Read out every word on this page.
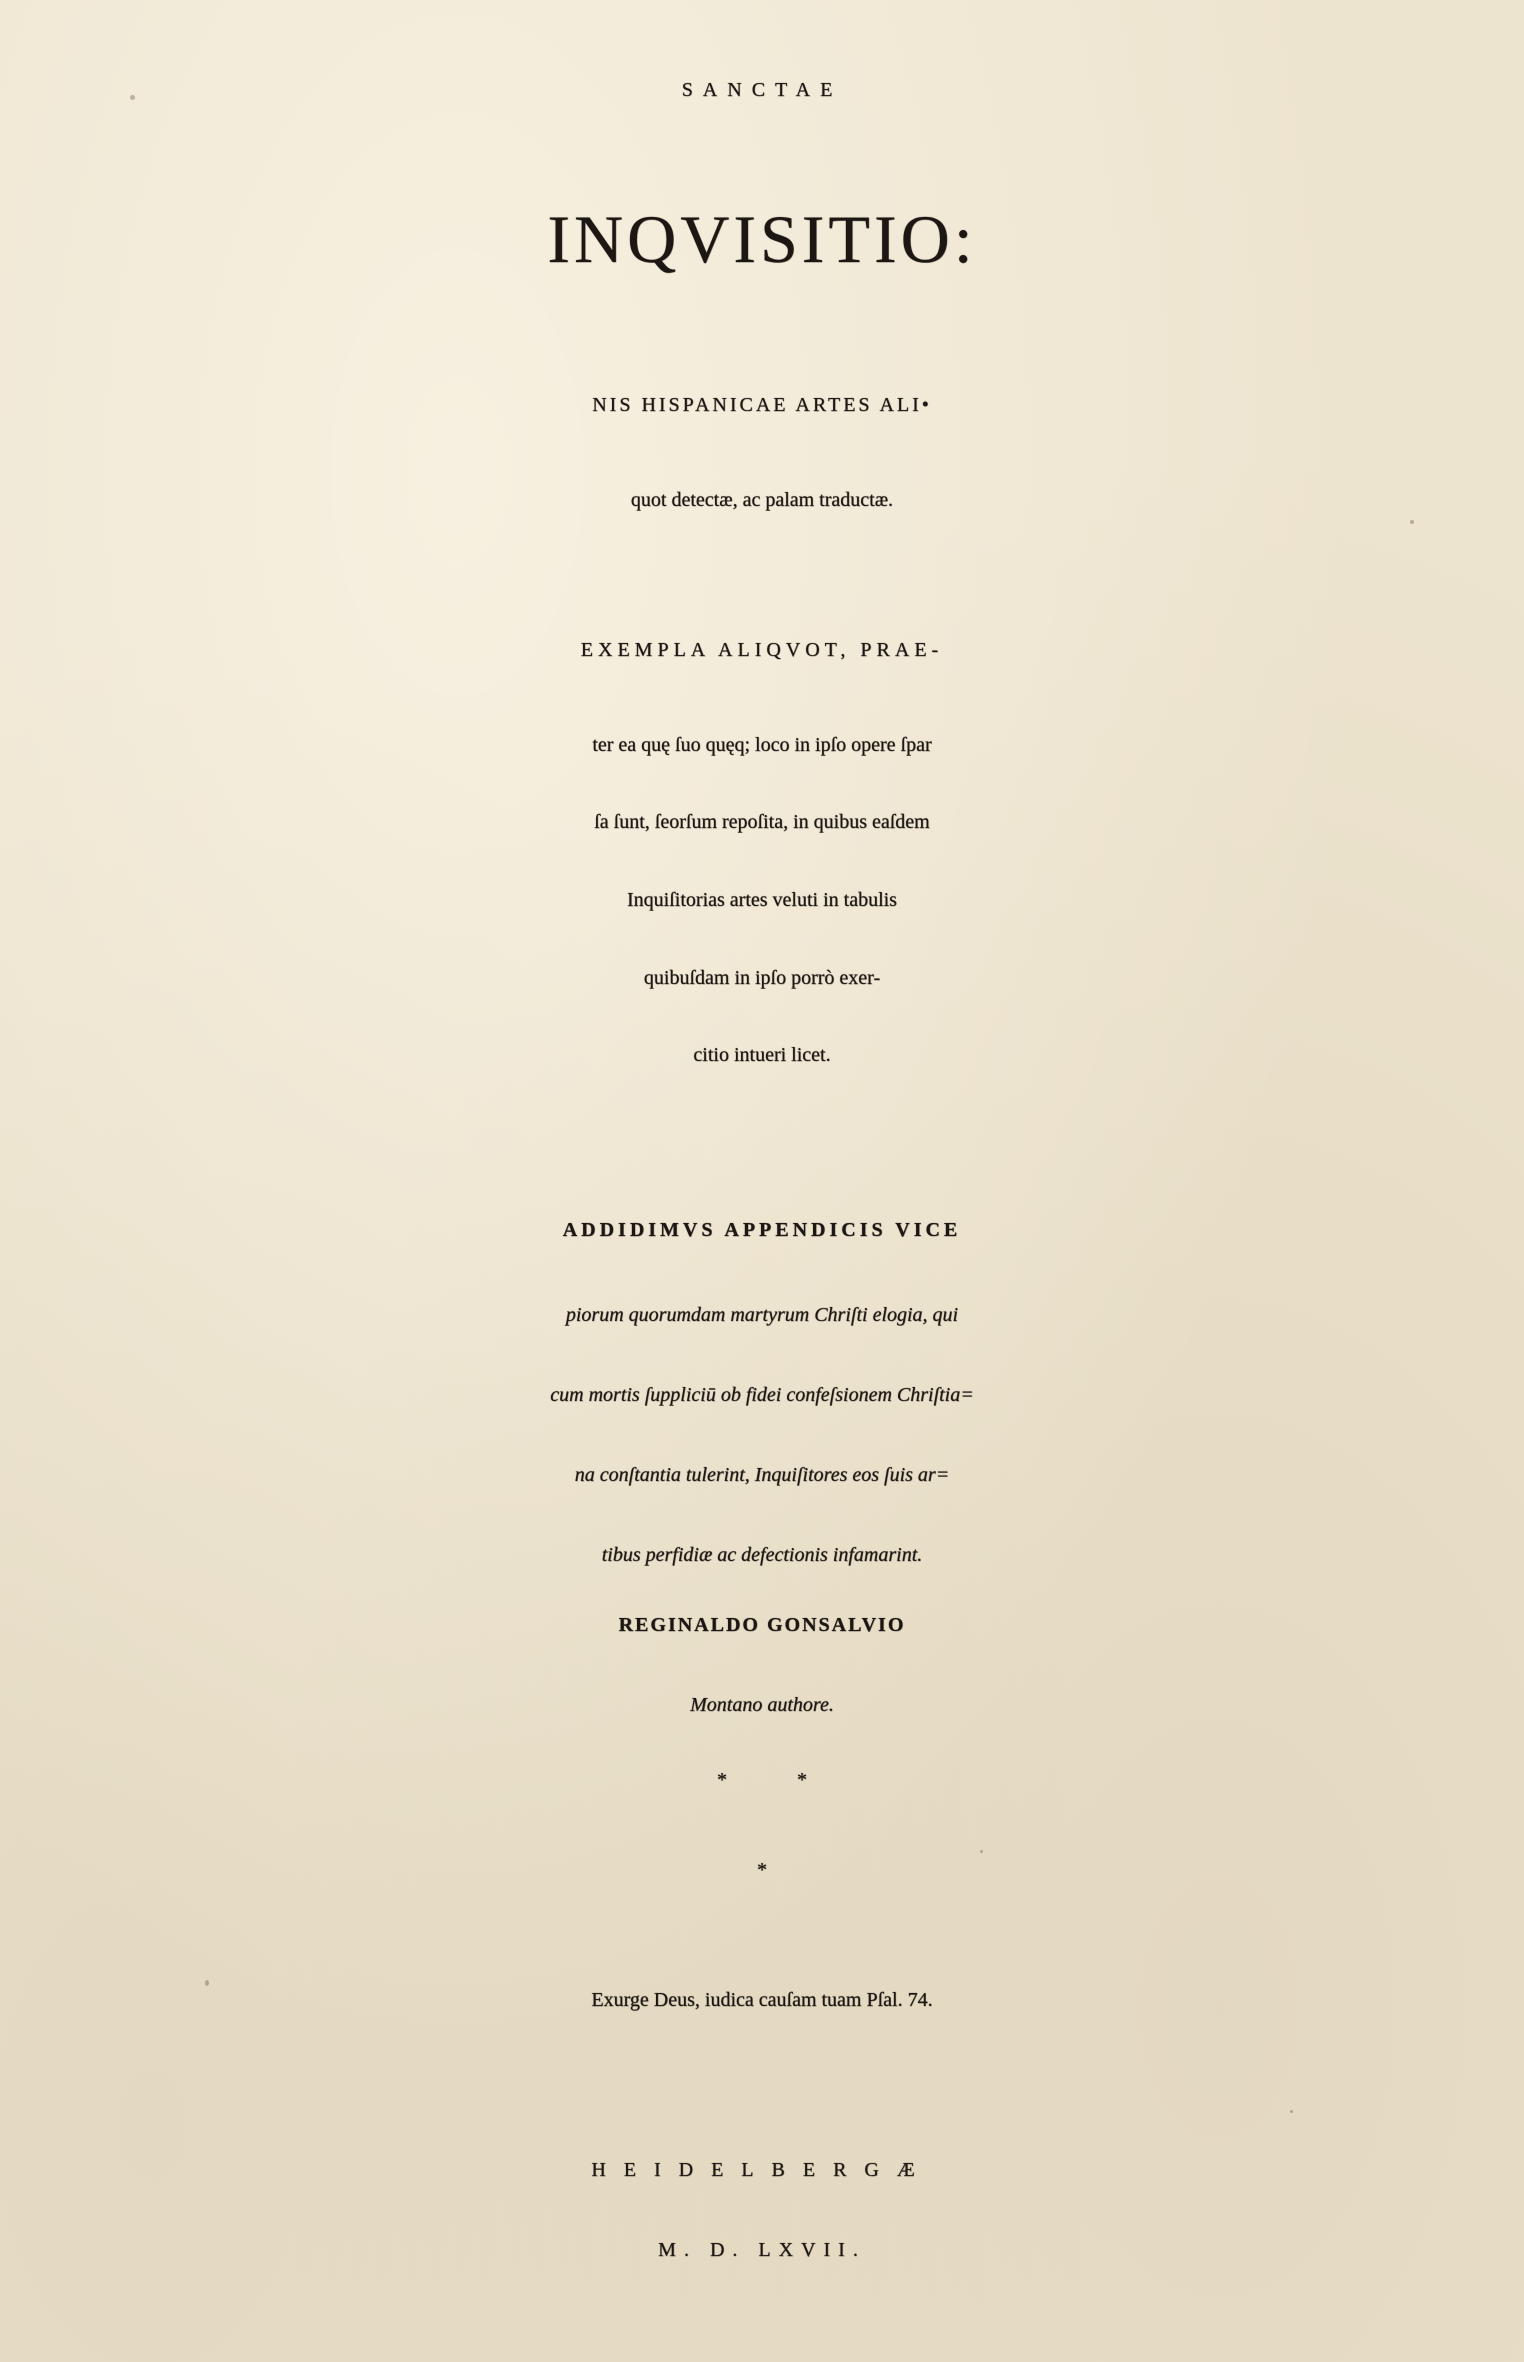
SANCTAE

INQVISITIO:

NIS HISPANICAE ARTES ALI•

quot detectæ, ac palam traductæ.

EXEMPLA ALIQVOT, PRAE-

ter ea quę ſuo quęq; loco in ipſo opere ſpar

ſa ſunt, ſeorſum repoſita, in quibus eaſdem

Inquiſitorias artes veluti in tabulis

quibuſdam in ipſo porrò exer-

citio intueri licet.

ADDIDIMVS APPENDICIS VICE

piorum quorumdam martyrum Chriſti elogia, qui

cum mortis ſuppliciū ob fidei confeſsionem Chriſtia=

na conſtantia tulerint, Inquiſitores eos ſuis ar=

tibus perfidiæ ac defectionis infamarint.

REGINALDO GONSALVIO

Montano authore.

**

*

Exurge Deus, iudica cauſam tuam Pſal. 74.

HEIDELBERGÆ

M. D. LXVII.
